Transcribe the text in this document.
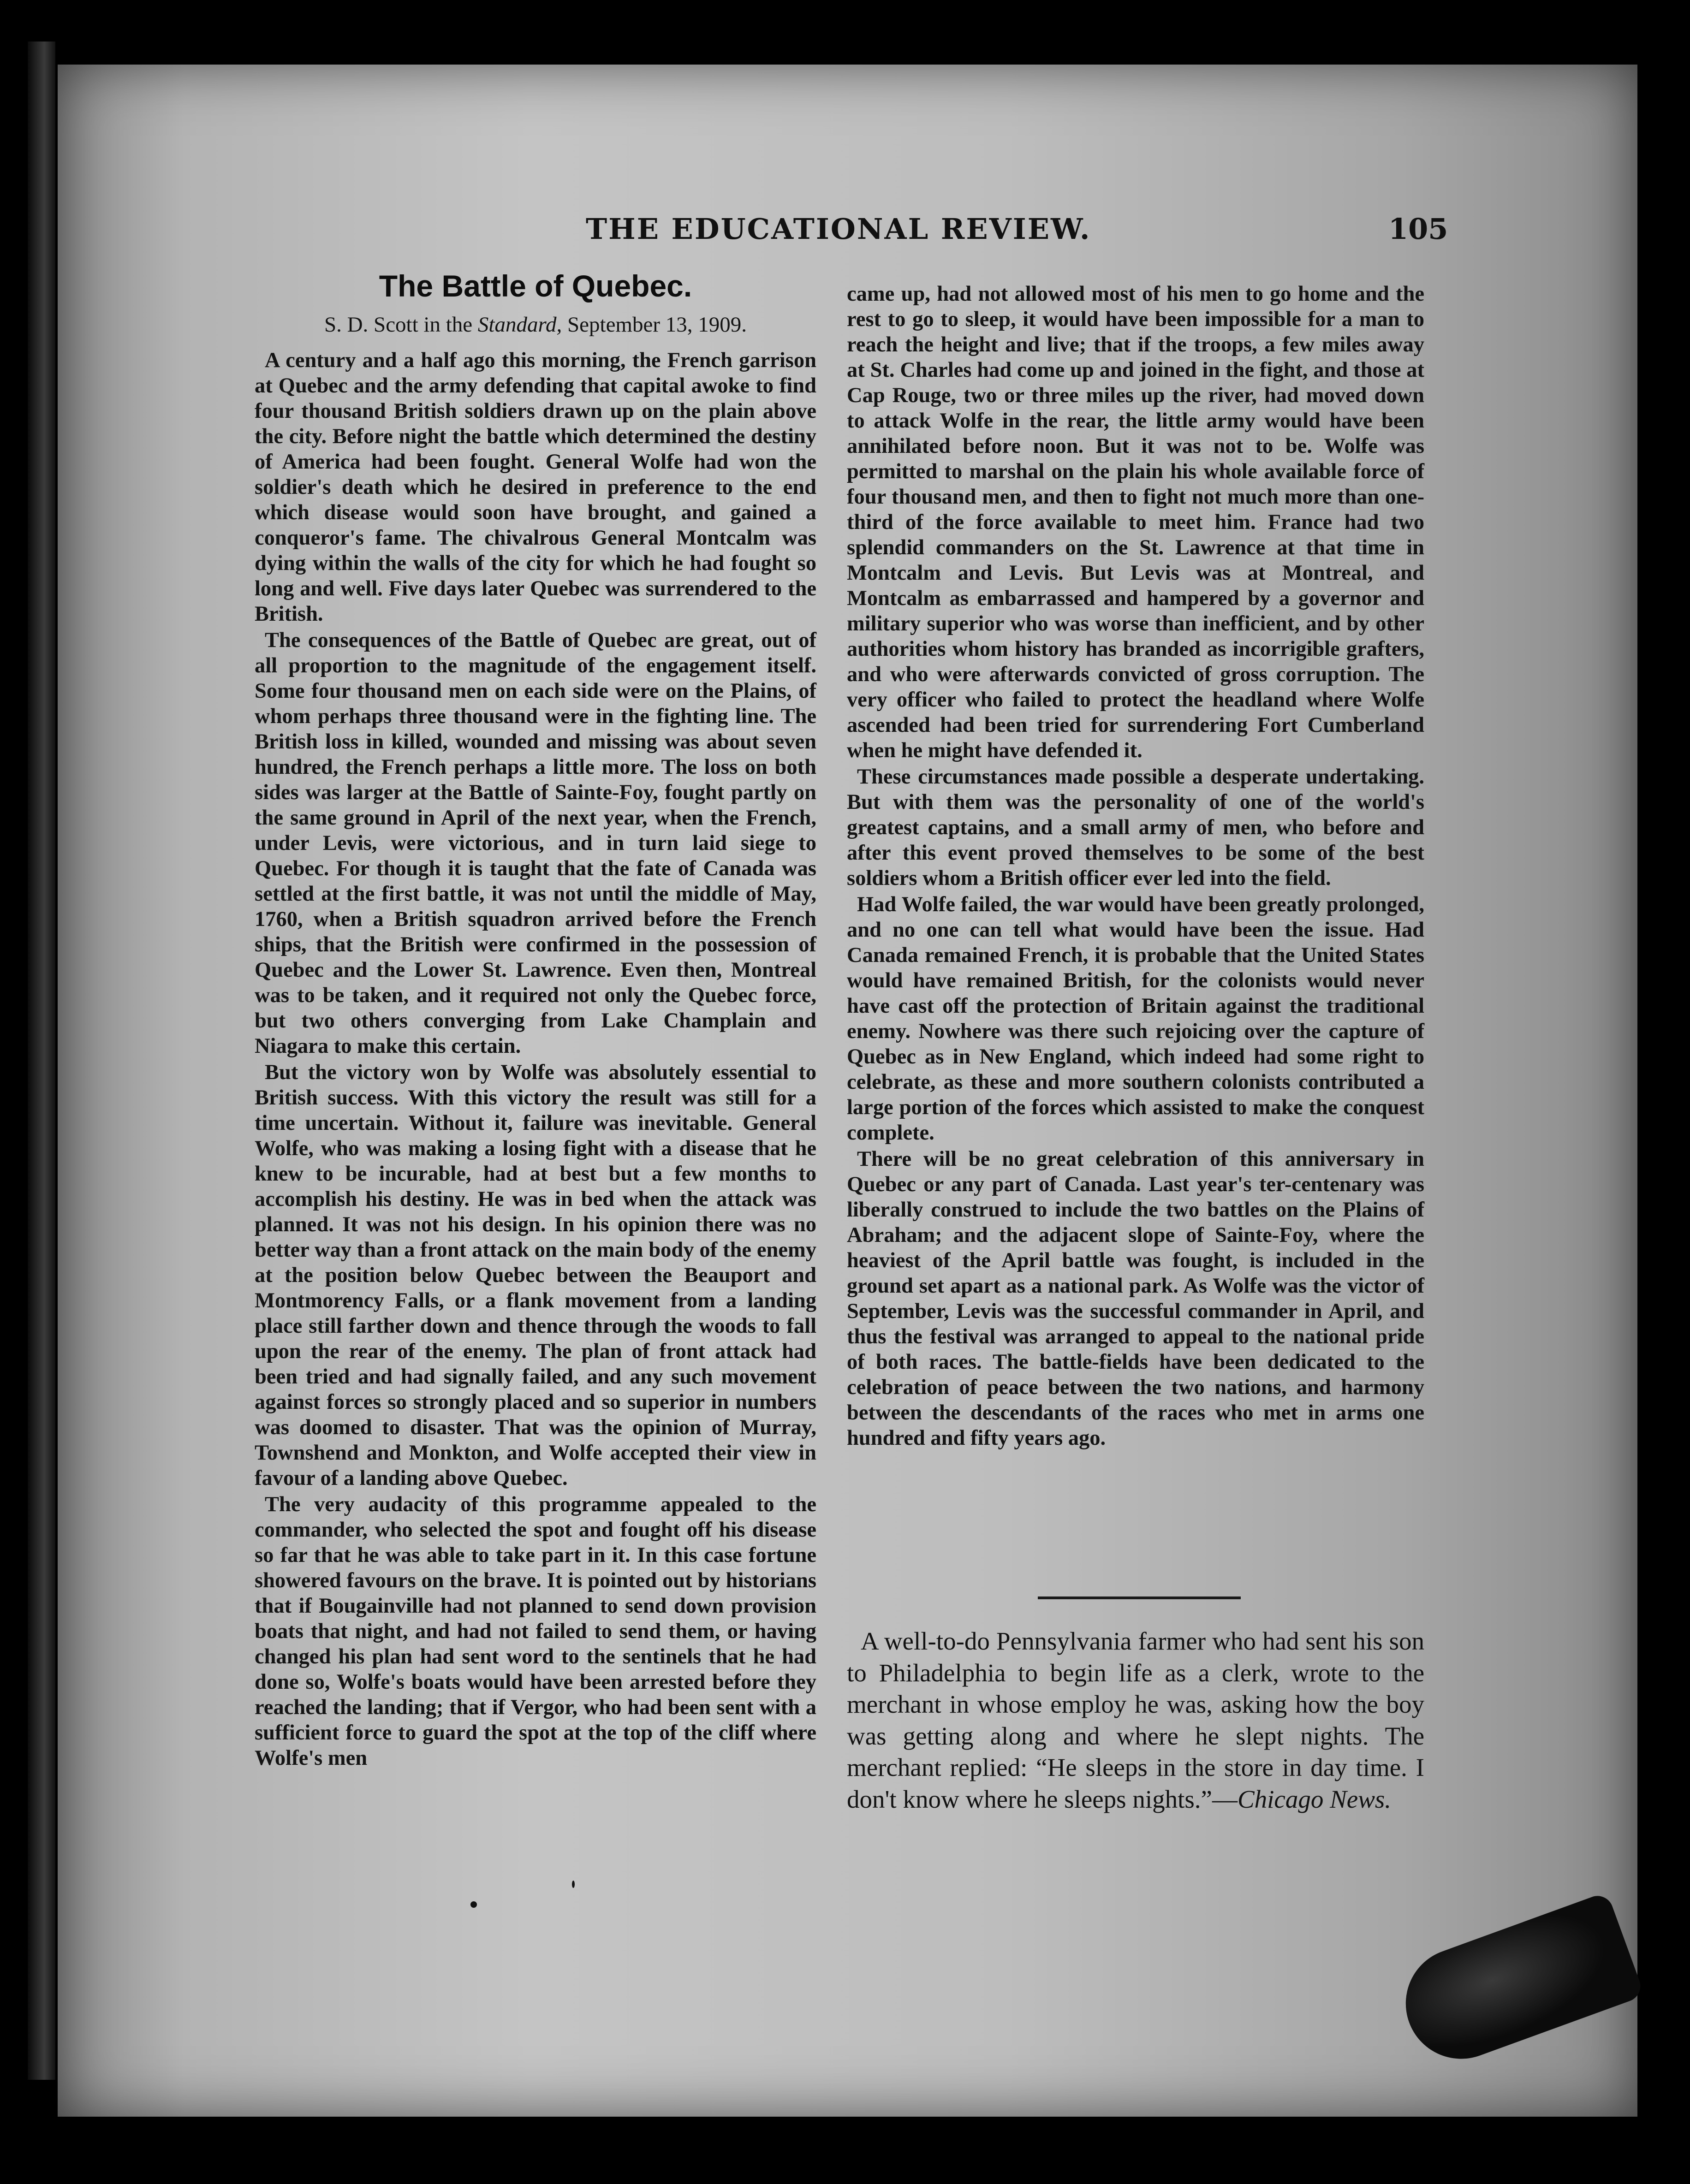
THE EDUCATIONAL REVIEW.	105
The Battle of Quebec.
S. D. Scott in the Standard, September 13, 1909.

A century and a half ago this morning, the French garrison at Quebec and the army defending that capital awoke to find four thousand British soldiers drawn up on the plain above the city. Before night the battle which determined the destiny of America had been fought. General Wolfe had won the soldier's death which he desired in preference to the end which disease would soon have brought, and gained a conqueror's fame. The chivalrous General Montcalm was dying within the walls of the city for which he had fought so long and well. Five days later Quebec was surrendered to the British.

The consequences of the Battle of Quebec are great, out of all proportion to the magnitude of the engagement itself. Some four thousand men on each side were on the Plains, of whom perhaps three thousand were in the fighting line. The British loss in killed, wounded and missing was about seven hundred, the French perhaps a little more. The loss on both sides was larger at the Battle of Sainte-Foy, fought partly on the same ground in April of the next year, when the French, under Levis, were victorious, and in turn laid siege to Quebec. For though it is taught that the fate of Canada was settled at the first battle, it was not until the middle of May, 1760, when a British squadron arrived before the French ships, that the British were confirmed in the possession of Quebec and the Lower St. Lawrence. Even then, Montreal was to be taken, and it required not only the Quebec force, but two others converging from Lake Champlain and Niagara to make this certain.

But the victory won by Wolfe was absolutely essential to British success. With this victory the result was still for a time uncertain. Without it, failure was inevitable. General Wolfe, who was making a losing fight with a disease that he knew to be incurable, had at best but a few months to accomplish his destiny. He was in bed when the attack was planned. It was not his design. In his opinion there was no better way than a front attack on the main body of the enemy at the position below Quebec between the Beauport and Montmorency Falls, or a flank movement from a landing place still farther down and thence through the woods to fall upon the rear of the enemy. The plan of front attack had been tried and had signally failed, and any such movement against forces so strongly placed and so superior in numbers was doomed to disaster. That was the opinion of Murray, Townshend and Monkton, and Wolfe accepted their view in favour of a landing above Quebec.

The very audacity of this programme appealed to the commander, who selected the spot and fought off his disease so far that he was able to take part in it. In this case fortune showered favours on the brave. It is pointed out by historians that if Bougainville had not planned to send down provision boats that night, and had not failed to send them, or having changed his plan had sent word to the sentinels that he had done so, Wolfe's boats would have been arrested before they reached the landing; that if Vergor, who had been sent with a sufficient force to guard the spot at the top of the cliff where Wolfe's men

came up, had not allowed most of his men to go home and the rest to go to sleep, it would have been impossible for a man to reach the height and live; that if the troops, a few miles away at St. Charles had come up and joined in the fight, and those at Cap Rouge, two or three miles up the river, had moved down to attack Wolfe in the rear, the little army would have been annihilated before noon. But it was not to be. Wolfe was permitted to marshal on the plain his whole available force of four thousand men, and then to fight not much more than one-third of the force available to meet him. France had two splendid commanders on the St. Lawrence at that time in Montcalm and Levis. But Levis was at Montreal, and Montcalm as embarrassed and hampered by a governor and military superior who was worse than inefficient, and by other authorities whom history has branded as incorrigible grafters, and who were afterwards convicted of gross corruption. The very officer who failed to protect the headland where Wolfe ascended had been tried for surrendering Fort Cumberland when he might have defended it.

These circumstances made possible a desperate undertaking. But with them was the personality of one of the world's greatest captains, and a small army of men, who before and after this event proved themselves to be some of the best soldiers whom a British officer ever led into the field.

Had Wolfe failed, the war would have been greatly prolonged, and no one can tell what would have been the issue. Had Canada remained French, it is probable that the United States would have remained British, for the colonists would never have cast off the protection of Britain against the traditional enemy. Nowhere was there such rejoicing over the capture of Quebec as in New England, which indeed had some right to celebrate, as these and more southern colonists contributed a large portion of the forces which assisted to make the conquest complete.

There will be no great celebration of this anniversary in Quebec or any part of Canada. Last year's ter-centenary was liberally construed to include the two battles on the Plains of Abraham; and the adjacent slope of Sainte-Foy, where the heaviest of the April battle was fought, is included in the ground set apart as a national park. As Wolfe was the victor of September, Levis was the successful commander in April, and thus the festival was arranged to appeal to the national pride of both races. The battle-fields have been dedicated to the celebration of peace between the two nations, and harmony between the descendants of the races who met in arms one hundred and fifty years ago.

A well-to-do Pennsylvania farmer who had sent his son to Philadelphia to begin life as a clerk, wrote to the merchant in whose employ he was, asking how the boy was getting along and where he slept nights. The merchant replied: “He sleeps in the store in day time. I don't know where he sleeps nights.”—Chicago News.
